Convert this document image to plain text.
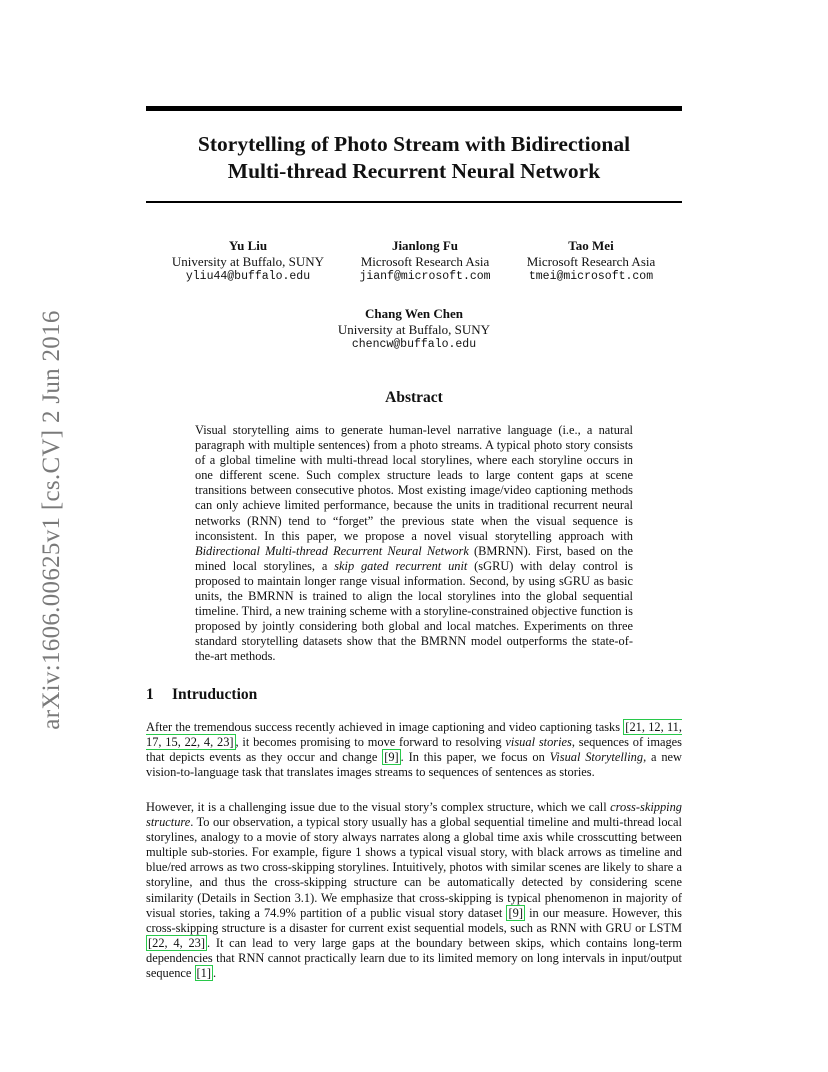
Storytelling of Photo Stream with Bidirectional
Multi-thread Recurrent Neural Network
arXiv:1606.00625v1 [cs.CV] 2 Jun 2016
Yu Liu
University at Buffalo, SUNY
yliu44@buffalo.edu
Jianlong Fu
Microsoft Research Asia
jianf@microsoft.com
Tao Mei
Microsoft Research Asia
tmei@microsoft.com
Chang Wen Chen
University at Buffalo, SUNY
chencw@buffalo.edu
Abstract
Visual storytelling aims to generate human-level narrative language (i.e., a natural paragraph with multiple sentences) from a photo streams. A typical photo story consists of a global timeline with multi-thread local storylines, where each storyline occurs in one different scene. Such complex structure leads to large content gaps at scene transitions between consecutive photos. Most existing image/video captioning methods can only achieve limited performance, because the units in traditional recurrent neural networks (RNN) tend to “forget” the previous state when the visual sequence is inconsistent. In this paper, we propose a novel visual storytelling approach with Bidirectional Multi-thread Recurrent Neural Network (BMRNN). First, based on the mined local storylines, a skip gated recurrent unit (sGRU) with delay control is proposed to maintain longer range visual information. Second, by using sGRU as basic units, the BMRNN is trained to align the local storylines into the global sequential timeline. Third, a new training scheme with a storyline-constrained objective function is proposed by jointly considering both global and local matches. Experiments on three standard storytelling datasets show that the BMRNN model outperforms the state-of-the-art methods.
1 Intruduction
After the tremendous success recently achieved in image captioning and video captioning tasks [21, 12, 11, 17, 15, 22, 4, 23] , it becomes promising to move forward to resolving visual stories, sequences of images that depicts events as they occur and change [9] . In this paper, we focus on Visual Storytelling, a new vision-to-language task that translates images streams to sequences of sentences as stories.
However, it is a challenging issue due to the visual story’s complex structure, which we call cross-skipping structure. To our observation, a typical story usually has a global sequential timeline and multi-thread local storylines, analogy to a movie of story always narrates along a global time axis while crosscutting between multiple sub-stories. For example, figure 1 shows a typical visual story, with black arrows as timeline and blue/red arrows as two cross-skipping storylines. Intuitively, photos with similar scenes are likely to share a storyline, and thus the cross-skipping structure can be automatically detected by considering scene similarity (Details in Section 3.1). We emphasize that cross-skipping is typical phenomenon in majority of visual stories, taking a 74.9% partition of a public visual story dataset [9] in our measure. However, this cross-skipping structure is a disaster for current exist sequential models, such as RNN with GRU or LSTM [22, 4, 23] . It can lead to very large gaps at the boundary between skips, which contains long-term dependencies that RNN cannot practically learn due to its limited memory on long intervals in input/output sequence [1] .
